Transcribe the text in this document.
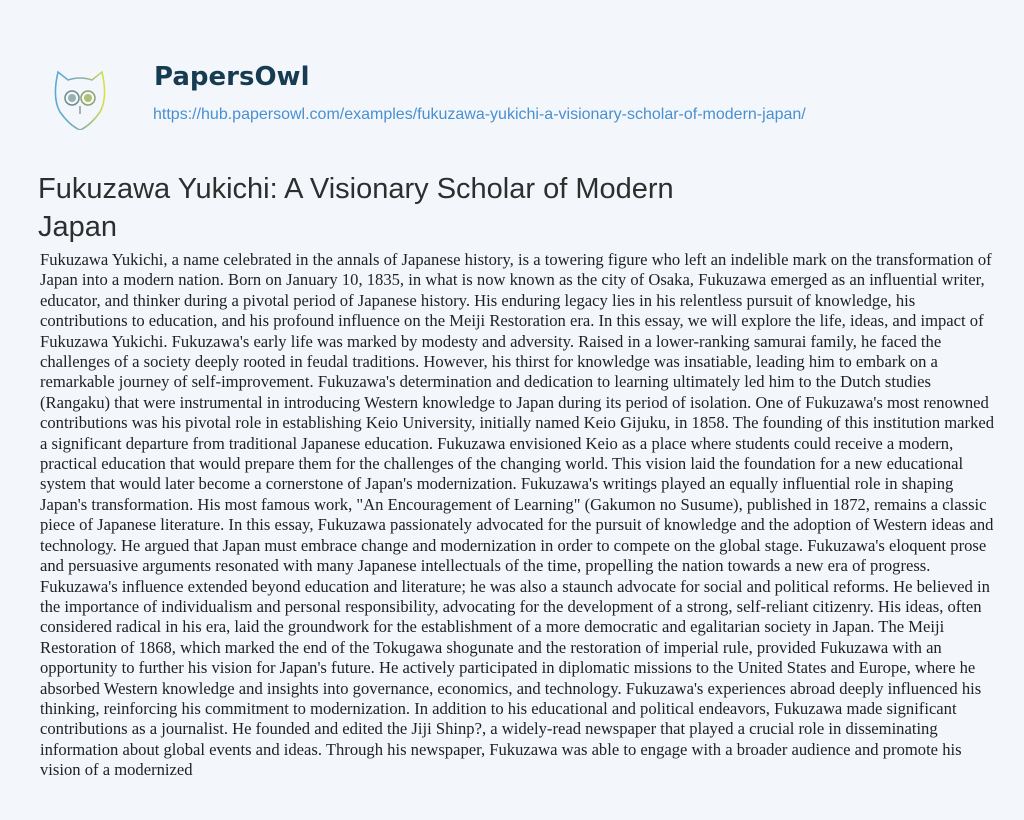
PapersOwl
https://hub.papersowl.com/examples/fukuzawa-yukichi-a-visionary-scholar-of-modern-japan/
Fukuzawa Yukichi: A Visionary Scholar of Modern Japan
Fukuzawa Yukichi, a name celebrated in the annals of Japanese history, is a towering figure who left an indelible mark on the transformation of
Japan into a modern nation. Born on January 10, 1835, in what is now known as the city of Osaka, Fukuzawa emerged as an influential writer,
educator, and thinker during a pivotal period of Japanese history. His enduring legacy lies in his relentless pursuit of knowledge, his
contributions to education, and his profound influence on the Meiji Restoration era. In this essay, we will explore the life, ideas, and impact of
Fukuzawa Yukichi. Fukuzawa's early life was marked by modesty and adversity. Raised in a lower-ranking samurai family, he faced the
challenges of a society deeply rooted in feudal traditions. However, his thirst for knowledge was insatiable, leading him to embark on a
remarkable journey of self-improvement. Fukuzawa's determination and dedication to learning ultimately led him to the Dutch studies
(Rangaku) that were instrumental in introducing Western knowledge to Japan during its period of isolation. One of Fukuzawa's most renowned
contributions was his pivotal role in establishing Keio University, initially named Keio Gijuku, in 1858. The founding of this institution marked
a significant departure from traditional Japanese education. Fukuzawa envisioned Keio as a place where students could receive a modern,
practical education that would prepare them for the challenges of the changing world. This vision laid the foundation for a new educational
system that would later become a cornerstone of Japan's modernization. Fukuzawa's writings played an equally influential role in shaping
Japan's transformation. His most famous work, "An Encouragement of Learning" (Gakumon no Susume), published in 1872, remains a classic
piece of Japanese literature. In this essay, Fukuzawa passionately advocated for the pursuit of knowledge and the adoption of Western ideas and
technology. He argued that Japan must embrace change and modernization in order to compete on the global stage. Fukuzawa's eloquent prose
and persuasive arguments resonated with many Japanese intellectuals of the time, propelling the nation towards a new era of progress.
Fukuzawa's influence extended beyond education and literature; he was also a staunch advocate for social and political reforms. He believed in
the importance of individualism and personal responsibility, advocating for the development of a strong, self-reliant citizenry. His ideas, often
considered radical in his era, laid the groundwork for the establishment of a more democratic and egalitarian society in Japan. The Meiji
Restoration of 1868, which marked the end of the Tokugawa shogunate and the restoration of imperial rule, provided Fukuzawa with an
opportunity to further his vision for Japan's future. He actively participated in diplomatic missions to the United States and Europe, where he
absorbed Western knowledge and insights into governance, economics, and technology. Fukuzawa's experiences abroad deeply influenced his
thinking, reinforcing his commitment to modernization. In addition to his educational and political endeavors, Fukuzawa made significant
contributions as a journalist. He founded and edited the Jiji Shinp?, a widely-read newspaper that played a crucial role in disseminating
information about global events and ideas. Through his newspaper, Fukuzawa was able to engage with a broader audience and promote his
vision of a modernized
